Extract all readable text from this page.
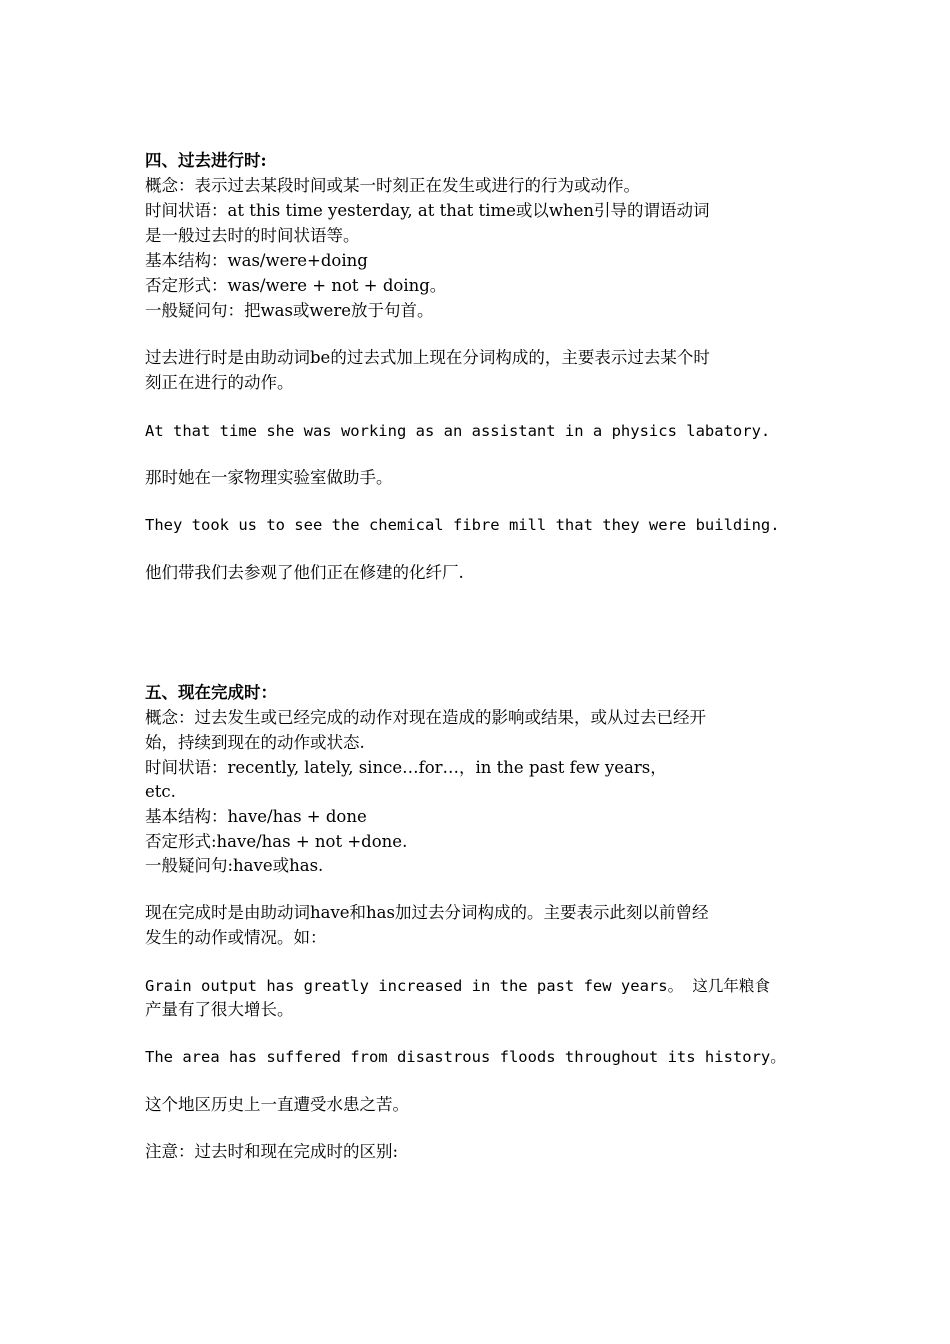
四、过去进行时:

概念：表示过去某段时间或某一时刻正在发生或进行的行为或动作。

时间状语：at this time yesterday, at that time或以when引导的谓语动词

是一般过去时的时间状语等。

基本结构：was/were+doing

否定形式：was/were + not + doing。

一般疑问句：把was或were放于句首。

过去进行时是由助动词be的过去式加上现在分词构成的，主要表示过去某个时

刻正在进行的动作。

At that time she was working as an assistant in a physics labatory.

那时她在一家物理实验室做助手。

They took us to see the chemical fibre mill that they were building.

他们带我们去参观了他们正在修建的化纤厂.

五、现在完成时：

概念：过去发生或已经完成的动作对现在造成的影响或结果，或从过去已经开

始，持续到现在的动作或状态.

时间状语：recently, lately, since…for…，in the past few years，

etc.

基本结构：have/has + done

否定形式:have/has + not +done.

一般疑问句:have或has.

现在完成时是由助动词have和has加过去分词构成的。主要表示此刻以前曾经

发生的动作或情况。如：

Grain output has greatly increased in the past few years。 这几年粮食

产量有了很大增长。

The area has suffered from disastrous floods throughout its history。

这个地区历史上一直遭受水患之苦。

注意：过去时和现在完成时的区别:
